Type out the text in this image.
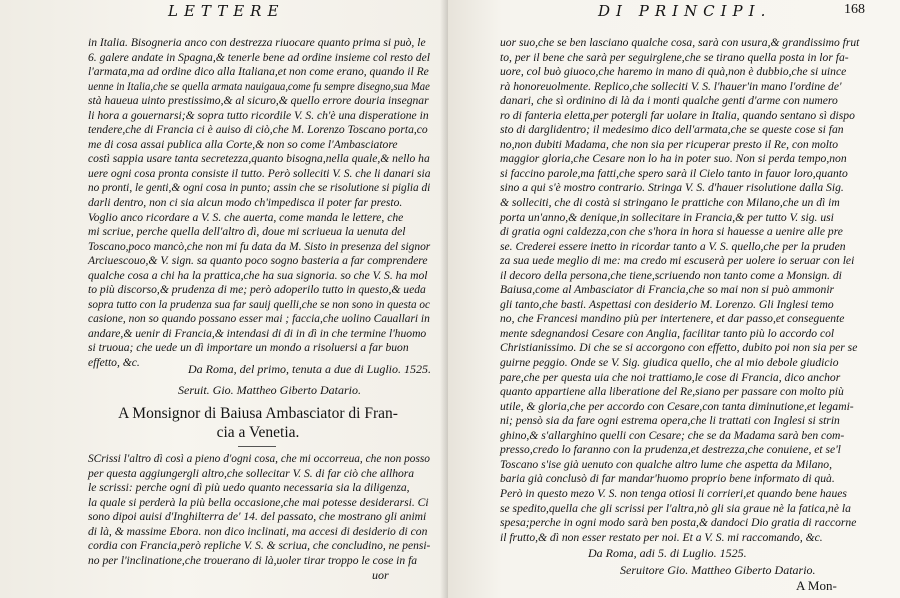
LETTERE
in Italia. Bisogneria anco con destrezza riuocare quanto prima si può, le
6. galere andate in Spagna,& tenerle bene ad ordine insieme col resto del
l'armata,ma ad ordine dico alla Italiana,et non come erano, quando il Re
uenne in Italia,che se quella armata nauigaua,come fu sempre disegno,sua Mae
stà haueua uinto prestissimo,& al sicuro,& quello errore douria insegnar
li hora a gouernarsi;& sopra tutto ricordile V. S. ch'è una disperatione in
tendere,che di Francia ci è auiso di ciò,che M. Lorenzo Toscano porta,co
me di cosa assai publica alla Corte,& non so come l'Ambasciatore
costì sappia usare tanta secretezza,quanto bisogna,nella quale,& nello ha
uere ogni cosa pronta consiste il tutto. Però solleciti V. S. che li danari sia
no pronti, le genti,& ogni cosa in punto; assin che se risolutione si piglia di
darli dentro, non ci sia alcun modo ch'impedisca il poter far presto.
Voglio anco ricordare a V. S. che auerta, come manda le lettere, che
mi scriue, perche quella dell'altro dì, doue mi scriueua la uenuta del
Toscano,poco mancò,che non mi fu data da M. Sisto in presenza del signor
Arciuescouo,& V. sign. sa quanto poco sogno basteria a far comprendere
qualche cosa a chi ha la prattica,che ha sua signoria. so che V. S. ha mol
to più discorso,& prudenza di me; però adoperilo tutto in questo,& ueda
sopra tutto con la prudenza sua far sauij quelli,che se non sono in questa oc
casione, non so quando possano esser mai ; faccia,che uolino Cauallari in
andare,& uenir di Francia,& intendasi di di in dì in che termine l'huomo
si truoua; che uede un dì importare un mondo a risoluersi a far buon
effetto, &c.	Da Roma, del primo, tenuta a due di Luglio. 1525.
Seruit. Gio. Mattheo Giberto Datario.
A Monsignor di Baiusa Ambasciator di Fran-
cia a Venetia.
SCrissi l'altro dì così a pieno d'ogni cosa, che mi occorreua, che non posso
per questa aggiungergli altro,che sollecitar V. S. di far ciò che allhora
le scrissi: perche ogni dì più uedo quanto necessaria sia la diligenza,
la quale si perderà la più bella occasione,che mai potesse desiderarsi. Ci
sono dipoi auisi d'Inghilterra de' 14. del passato, che mostrano gli animi
di là, & massime Ebora. non dico inclinati, ma accesi di desiderio di con
cordia con Francia,però repliche V. S. & scriua, che concludino, ne pensi-
no per l'inclinatione,che trouerano di là,uoler tirar troppo le cose in fa
uor
DI PRINCIPI.	168
uor suo,che se ben lasciano qualche cosa, sarà con usura,& grandissimo frut
to, per il bene che sarà per seguirglene,che se tirano quella posta in lor fa-
uore, col buò giuoco,che haremo in mano di quà,non è dubbio,che si uince
rà honoreuolmente. Replico,che solleciti V. S. l'hauer'in mano l'ordine de'
danari, che sì ordinino di là da i monti qualche genti d'arme con numero
ro di fanteria eletta,per potergli far uolare in Italia, quando sentano sì dispo
sto di darglidentro; il medesimo dico dell'armata,che se queste cose si fan
no,non dubiti Madama, che non sia per ricuperar presto il Re, con molto
maggior gloria,che Cesare non lo ha in poter suo. Non si perda tempo,non
si faccino parole,ma fatti,che spero sarà il Cielo tanto in fauor loro,quanto
sino a qui s'è mostro contrario. Stringa V. S. d'hauer risolutione dalla Sig.
& solleciti, che di costà si stringano le prattiche con Milano,che un dì im
porta un'anno,& denique,in sollecitare in Francia,& per tutto V. sig. usi
di gratia ogni caldezza,con che s'hora in hora si hauesse a uenire alle pre
se. Crederei essere inetto in ricordar tanto a V. S. quello,che per la pruden
za sua uede meglio di me: ma credo mi escuserà per uolere io seruar con lei
il decoro della persona,che tiene,scriuendo non tanto come a Monsign. di
Baiusa,come al Ambasciator di Francia,che so mai non si può ammonir
gli tanto,che basti. Aspettasi con desiderio M. Lorenzo. Gli Inglesi temo
no, che Francesi mandino più per intertenere, et dar passo,et conseguente
mente sdegnandosi Cesare con Anglia, facilitar tanto più lo accordo col
Christianissimo. Di che se si accorgono con effetto, dubito poi non sia per se
guirne peggio. Onde se V. Sig. giudica quello, che al mio debole giudicio
pare,che per questa uia che noi trattiamo,le cose di Francia, dico anchor
quanto appartiene alla liberatione del Re,siano per passare con molto più
utile, & gloria,che per accordo con Cesare,con tanta diminutione,et legami-
ni; pensò sia da fare ogni estrema opera,che li trattati con Inglesi si strin
ghino,& s'allarghino quelli con Cesare; che se da Madama sarà ben com-
presso,credo lo faranno con la prudenza,et destrezza,che conuiene, et se'l
Toscano s'ise già uenuto con qualche altro lume che aspetta da Milano,
baria già conclusò di far mandar'huomo proprio bene informato di quà.
Però in questo mezo V. S. non tenga otiosi li corrieri,et quando bene haues
se spedito,quella che gli scrissi per l'altra,nò gli sia graue nè la fatica,nè la
spesa;perche in ogni modo sarà ben posta,& dandoci Dio gratia di raccorne
il frutto,& dì non esser restato per noi. Et a V. S. mi raccomando, &c.
Da Roma, adi 5. di Luglio. 1525.
Seruitore Gio. Mattheo Giberto Datario.
A Mon-
